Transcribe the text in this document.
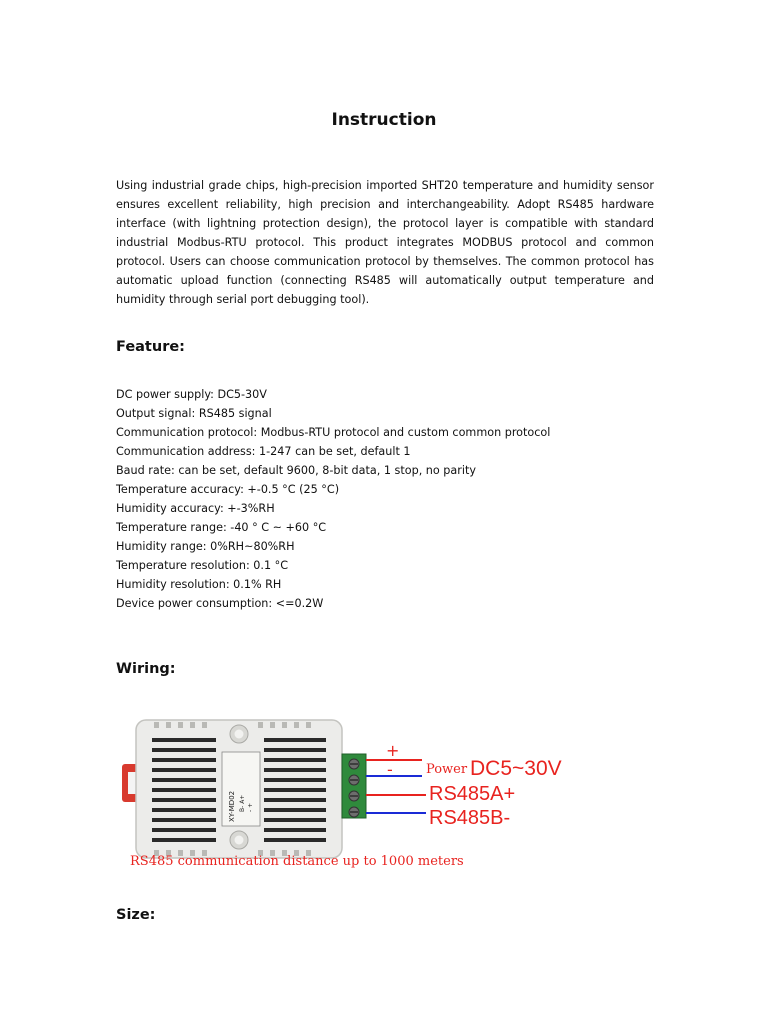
Instruction
Using industrial grade chips, high-precision imported SHT20 temperature and humidity sensor ensures excellent reliability, high precision and interchangeability. Adopt RS485 hardware interface (with lightning protection design), the protocol layer is compatible with standard industrial Modbus-RTU protocol. This product integrates MODBUS protocol and common protocol. Users can choose communication protocol by themselves. The common protocol has automatic upload function (connecting RS485 will automatically output temperature and humidity through serial port debugging tool).
Feature:
DC power supply: DC5-30V
Output signal: RS485 signal
Communication protocol: Modbus-RTU protocol and custom common protocol
Communication address: 1-247 can be set, default 1
Baud rate: can be set, default 9600, 8-bit data, 1 stop, no parity
Temperature accuracy: +-0.5 °C (25 °C)
Humidity accuracy: +-3%RH
Temperature range: -40 ° C ~ +60 °C
Humidity range: 0%RH~80%RH
Temperature resolution: 0.1 °C
Humidity resolution: 0.1% RH
Device power consumption: <=0.2W
Wiring:
XY-MD02 B- A+ - +
+
-	Power DC5~30V
RS485A+
RS485B-
RS485 communication distance up to 1000 meters
Size:
